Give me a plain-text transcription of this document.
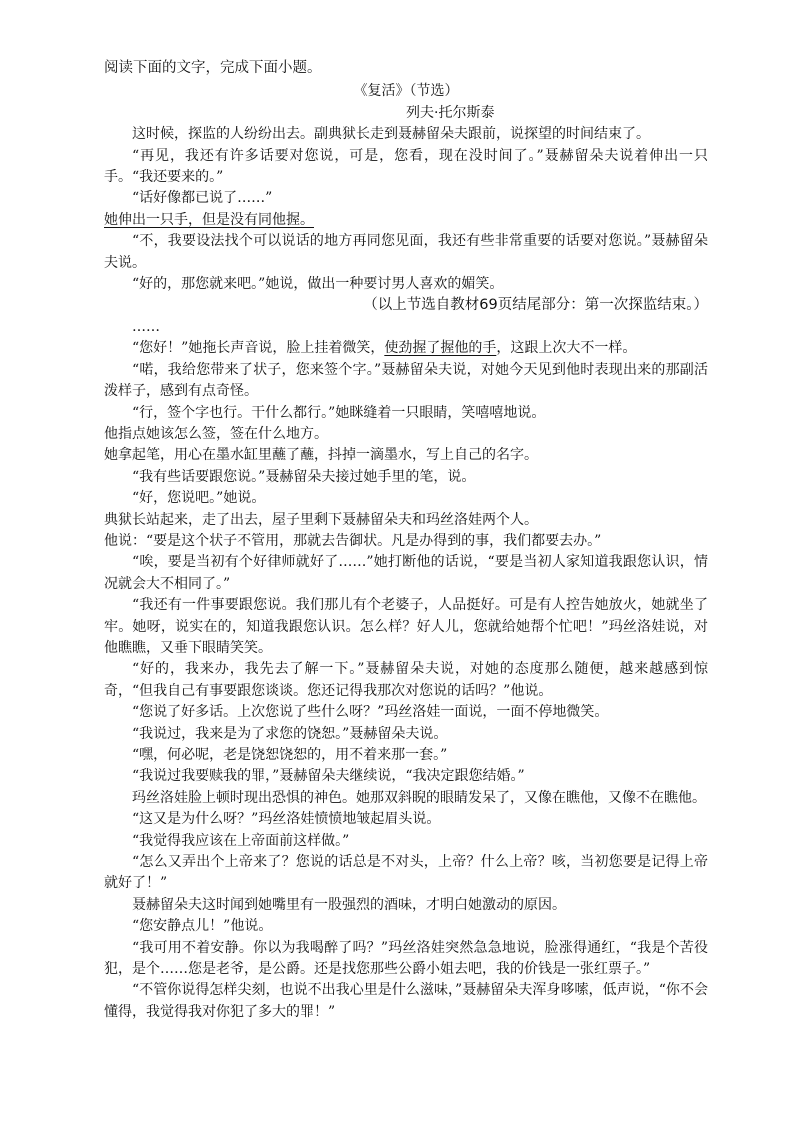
阅读下面的文字，完成下面小题。

《复活》（节选）

列夫·托尔斯泰

这时候，探监的人纷纷出去。副典狱长走到聂赫留朵夫跟前，说探望的时间结束了。

“再见，我还有许多话要对您说，可是，您看，现在没时间了。”聂赫留朵夫说着伸出一只手。“我还要来的。”

“话好像都已说了……”

她伸出一只手，但是没有同他握。

“不，我要设法找个可以说话的地方再同您见面，我还有些非常重要的话要对您说。”聂赫留朵夫说。

“好的，那您就来吧。”她说，做出一种要讨男人喜欢的媚笑。

（以上节选自教材69页结尾部分：第一次探监结束。）

……

“您好！”她拖长声音说，脸上挂着微笑，使劲握了握他的手，这跟上次大不一样。

“喏，我给您带来了状子，您来签个字。”聂赫留朵夫说，对她今天见到他时表现出来的那副活泼样子，感到有点奇怪。

“行，签个字也行。干什么都行。”她眯缝着一只眼睛，笑嘻嘻地说。

他指点她该怎么签，签在什么地方。

她拿起笔，用心在墨水缸里蘸了蘸，抖掉一滴墨水，写上自己的名字。

“我有些话要跟您说。”聂赫留朵夫接过她手里的笔，说。

“好，您说吧。”她说。

典狱长站起来，走了出去，屋子里剩下聂赫留朵夫和玛丝洛娃两个人。

他说：“要是这个状子不管用，那就去告御状。凡是办得到的事，我们都要去办。”

“唉，要是当初有个好律师就好了……”她打断他的话说，“要是当初人家知道我跟您认识，情况就会大不相同了。”

“我还有一件事要跟您说。我们那儿有个老婆子，人品挺好。可是有人控告她放火，她就坐了牢。她呀，说实在的，知道我跟您认识。怎么样？好人儿，您就给她帮个忙吧！”玛丝洛娃说，对他瞧瞧，又垂下眼睛笑笑。

“好的，我来办，我先去了解一下。”聂赫留朵夫说，对她的态度那么随便，越来越感到惊奇，“但我自己有事要跟您谈谈。您还记得我那次对您说的话吗？”他说。

“您说了好多话。上次您说了些什么呀？”玛丝洛娃一面说，一面不停地微笑。

“我说过，我来是为了求您的饶恕。”聂赫留朵夫说。

“嘿，何必呢，老是饶恕饶恕的，用不着来那一套。”

“我说过我要赎我的罪，”聂赫留朵夫继续说，“我决定跟您结婚。”

玛丝洛娃脸上顿时现出恐惧的神色。她那双斜睨的眼睛发呆了，又像在瞧他，又像不在瞧他。

“这又是为什么呀？”玛丝洛娃愤愤地皱起眉头说。

“我觉得我应该在上帝面前这样做。”

“怎么又弄出个上帝来了？您说的话总是不对头，上帝？什么上帝？咳，当初您要是记得上帝就好了！”

聂赫留朵夫这时闻到她嘴里有一股强烈的酒味，才明白她激动的原因。

“您安静点儿！”他说。

“我可用不着安静。你以为我喝醉了吗？”玛丝洛娃突然急急地说，脸涨得通红，“我是个苦役犯，是个……您是老爷，是公爵。还是找您那些公爵小姐去吧，我的价钱是一张红票子。”

“不管你说得怎样尖刻，也说不出我心里是什么滋味，”聂赫留朵夫浑身哆嗦，低声说，“你不会懂得，我觉得我对你犯了多大的罪！”
